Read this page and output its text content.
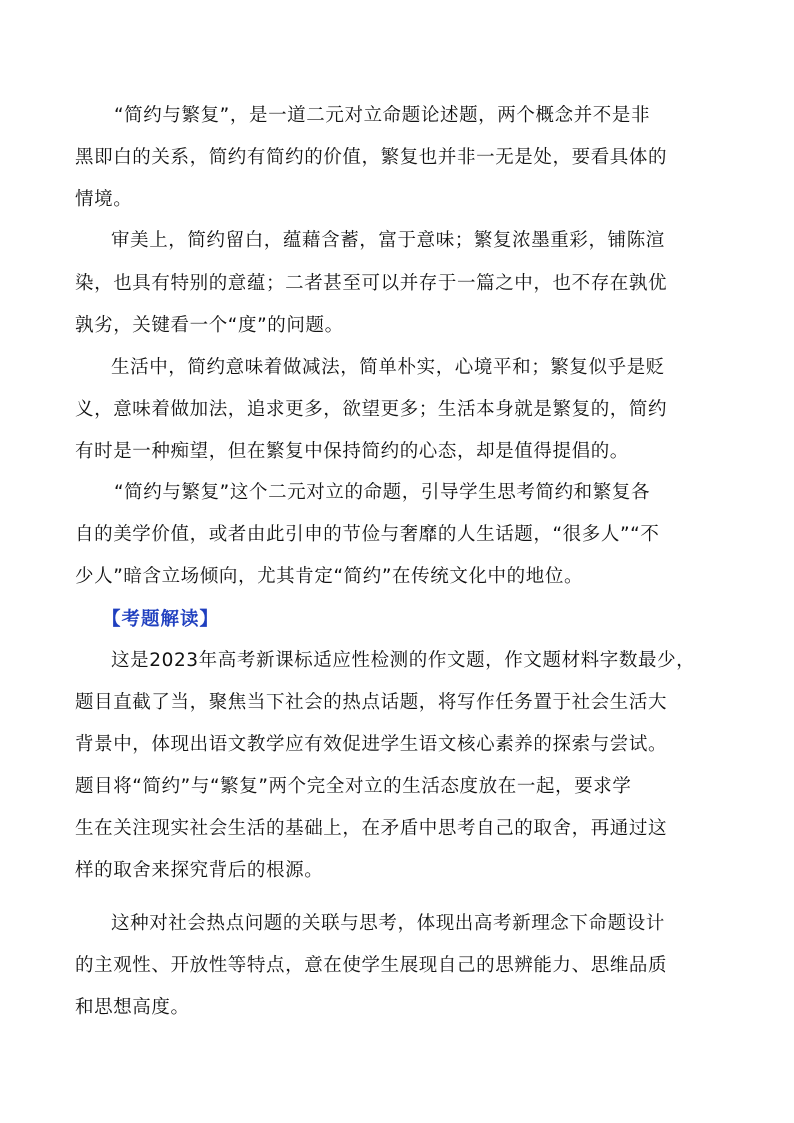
“简约与繁复”，是一道二元对立命题论述题，两个概念并不是非
黑即白的关系，简约有简约的价值，繁复也并非一无是处，要看具体的
情境。
审美上，简约留白，蕴藉含蓄，富于意味；繁复浓墨重彩，铺陈渲
染，也具有特别的意蕴；二者甚至可以并存于一篇之中，也不存在孰优
孰劣，关键看一个“度”的问题。
生活中，简约意味着做减法，简单朴实，心境平和；繁复似乎是贬
义，意味着做加法，追求更多，欲望更多；生活本身就是繁复的，简约
有时是一种痴望，但在繁复中保持简约的心态，却是值得提倡的。
“简约与繁复”这个二元对立的命题，引导学生思考简约和繁复各
自的美学价值，或者由此引申的节俭与奢靡的人生话题，“很多人”“不
少人”暗含立场倾向，尤其肯定“简约”在传统文化中的地位。
【考题解读】
这是2023年高考新课标适应性检测的作文题，作文题材料字数最少，
题目直截了当，聚焦当下社会的热点话题，将写作任务置于社会生活大
背景中，体现出语文教学应有效促进学生语文核心素养的探索与尝试。
题目将“简约”与“繁复”两个完全对立的生活态度放在一起，要求学
生在关注现实社会生活的基础上，在矛盾中思考自己的取舍，再通过这
样的取舍来探究背后的根源。
这种对社会热点问题的关联与思考，体现出高考新理念下命题设计
的主观性、开放性等特点，意在使学生展现自己的思辨能力、思维品质
和思想高度。
